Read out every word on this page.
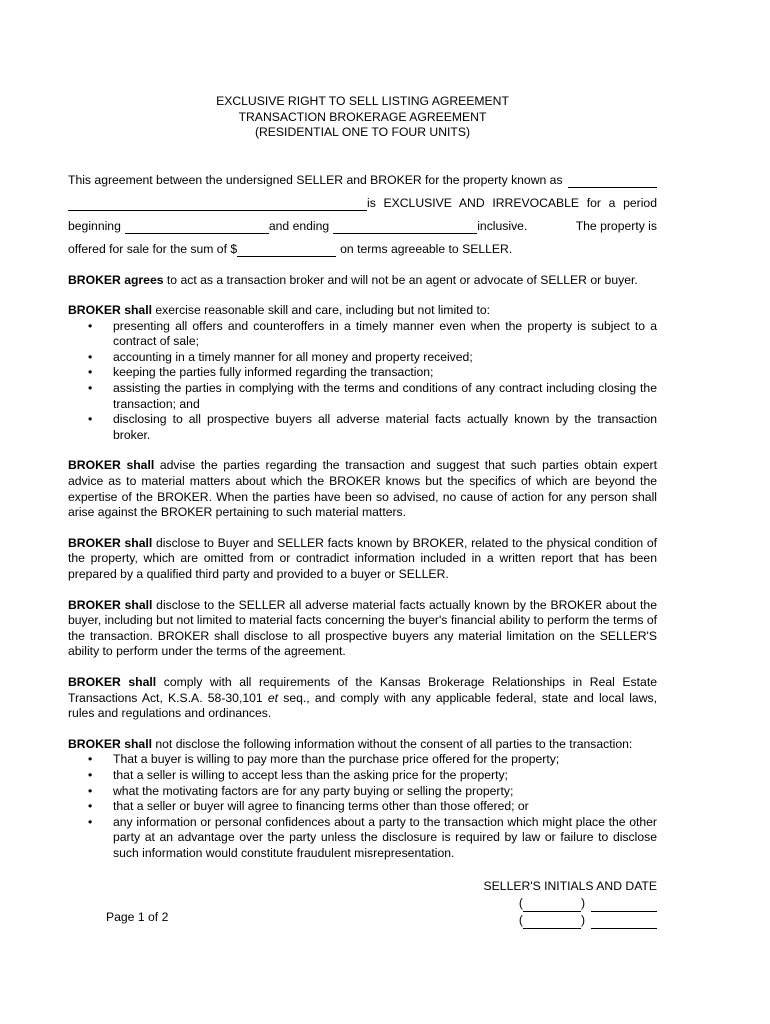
EXCLUSIVE RIGHT TO SELL LISTING AGREEMENT
TRANSACTION BROKERAGE AGREEMENT
(RESIDENTIAL ONE TO FOUR UNITS)
This agreement between the undersigned SELLER and BROKER for the property known as
is EXCLUSIVE AND IRREVOCABLE for a period
beginning	and ending	inclusive.	The property is
offered for sale for the sum of $	on terms agreeable to SELLER.

BROKER agrees to act as a transaction broker and will not be an agent or advocate of SELLER or buyer.

BROKER shall exercise reasonable skill and care, including but not limited to:

• presenting all offers and counteroffers in a timely manner even when the property is subject to a contract of sale;
• accounting in a timely manner for all money and property received;
• keeping the parties fully informed regarding the transaction;
• assisting the parties in complying with the terms and conditions of any contract including closing the transaction; and
• disclosing to all prospective buyers all adverse material facts actually known by the transaction broker.

BROKER shall advise the parties regarding the transaction and suggest that such parties obtain expert advice as to material matters about which the BROKER knows but the specifics of which are beyond the expertise of the BROKER. When the parties have been so advised, no cause of action for any person shall arise against the BROKER pertaining to such material matters.

BROKER shall disclose to Buyer and SELLER facts known by BROKER, related to the physical condition of the property, which are omitted from or contradict information included in a written report that has been prepared by a qualified third party and provided to a buyer or SELLER.

BROKER shall disclose to the SELLER all adverse material facts actually known by the BROKER about the buyer, including but not limited to material facts concerning the buyer's financial ability to perform the terms of the transaction. BROKER shall disclose to all prospective buyers any material limitation on the SELLER'S ability to perform under the terms of the agreement.

BROKER shall comply with all requirements of the Kansas Brokerage Relationships in Real Estate Transactions Act, K.S.A. 58-30,101 et seq., and comply with any applicable federal, state and local laws, rules and regulations and ordinances.

BROKER shall not disclose the following information without the consent of all parties to the transaction:

• That a buyer is willing to pay more than the purchase price offered for the property;
• that a seller is willing to accept less than the asking price for the property;
• what the motivating factors are for any party buying or selling the property;
• that a seller or buyer will agree to financing terms other than those offered; or
• any information or personal confidences about a party to the transaction which might place the other party at an advantage over the party unless the disclosure is required by law or failure to disclose such information would constitute fraudulent misrepresentation.
SELLER'S INITIALS AND DATE
(	)
(	)
Page 1 of 2
